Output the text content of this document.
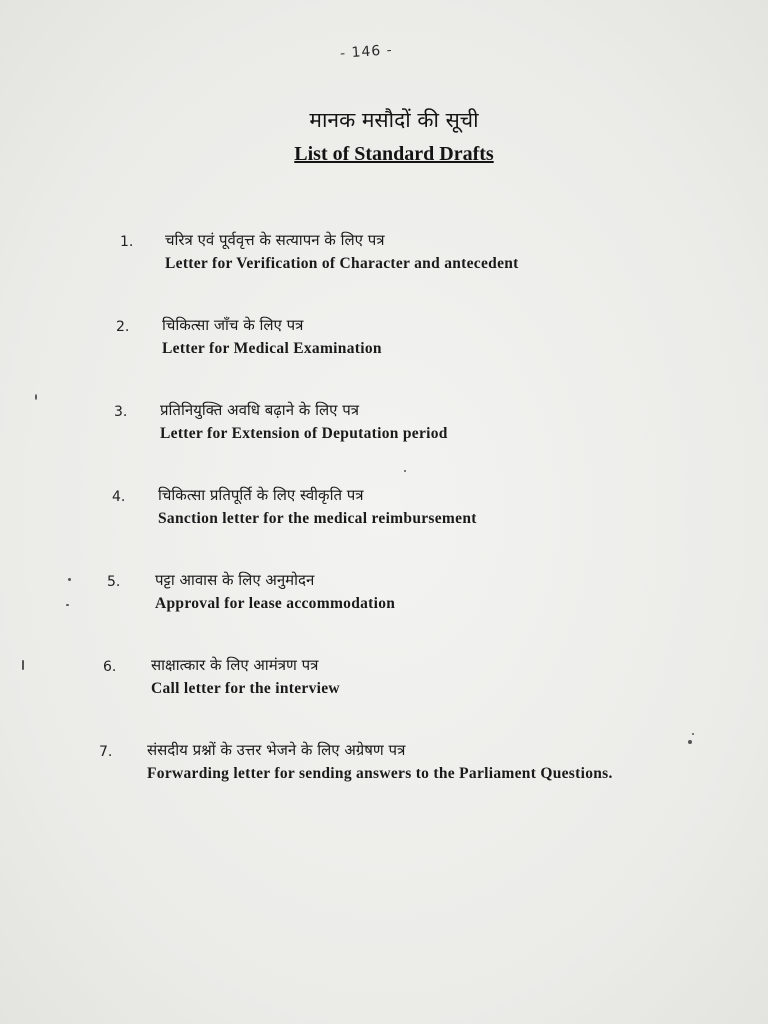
- 146 -
मानक मसौदों की सूची
List of Standard Drafts
1. चरित्र एवं पूर्ववृत्त के सत्यापन के लिए पत्र
Letter for Verification of Character and antecedent
2. चिकित्सा जाँच के लिए पत्र
Letter for Medical Examination
3. प्रतिनियुक्ति अवधि बढ़ाने के लिए पत्र
Letter for Extension of Deputation period
4. चिकित्सा प्रतिपूर्ति के लिए स्वीकृति पत्र
Sanction letter for the medical reimbursement
5. पट्टा आवास के लिए अनुमोदन
Approval for lease accommodation
6. साक्षात्कार के लिए आमंत्रण पत्र
Call letter for the interview
7. संसदीय प्रश्नों के उत्तर भेजने के लिए अग्रेषण पत्र
Forwarding letter for sending answers to the Parliament Questions.
